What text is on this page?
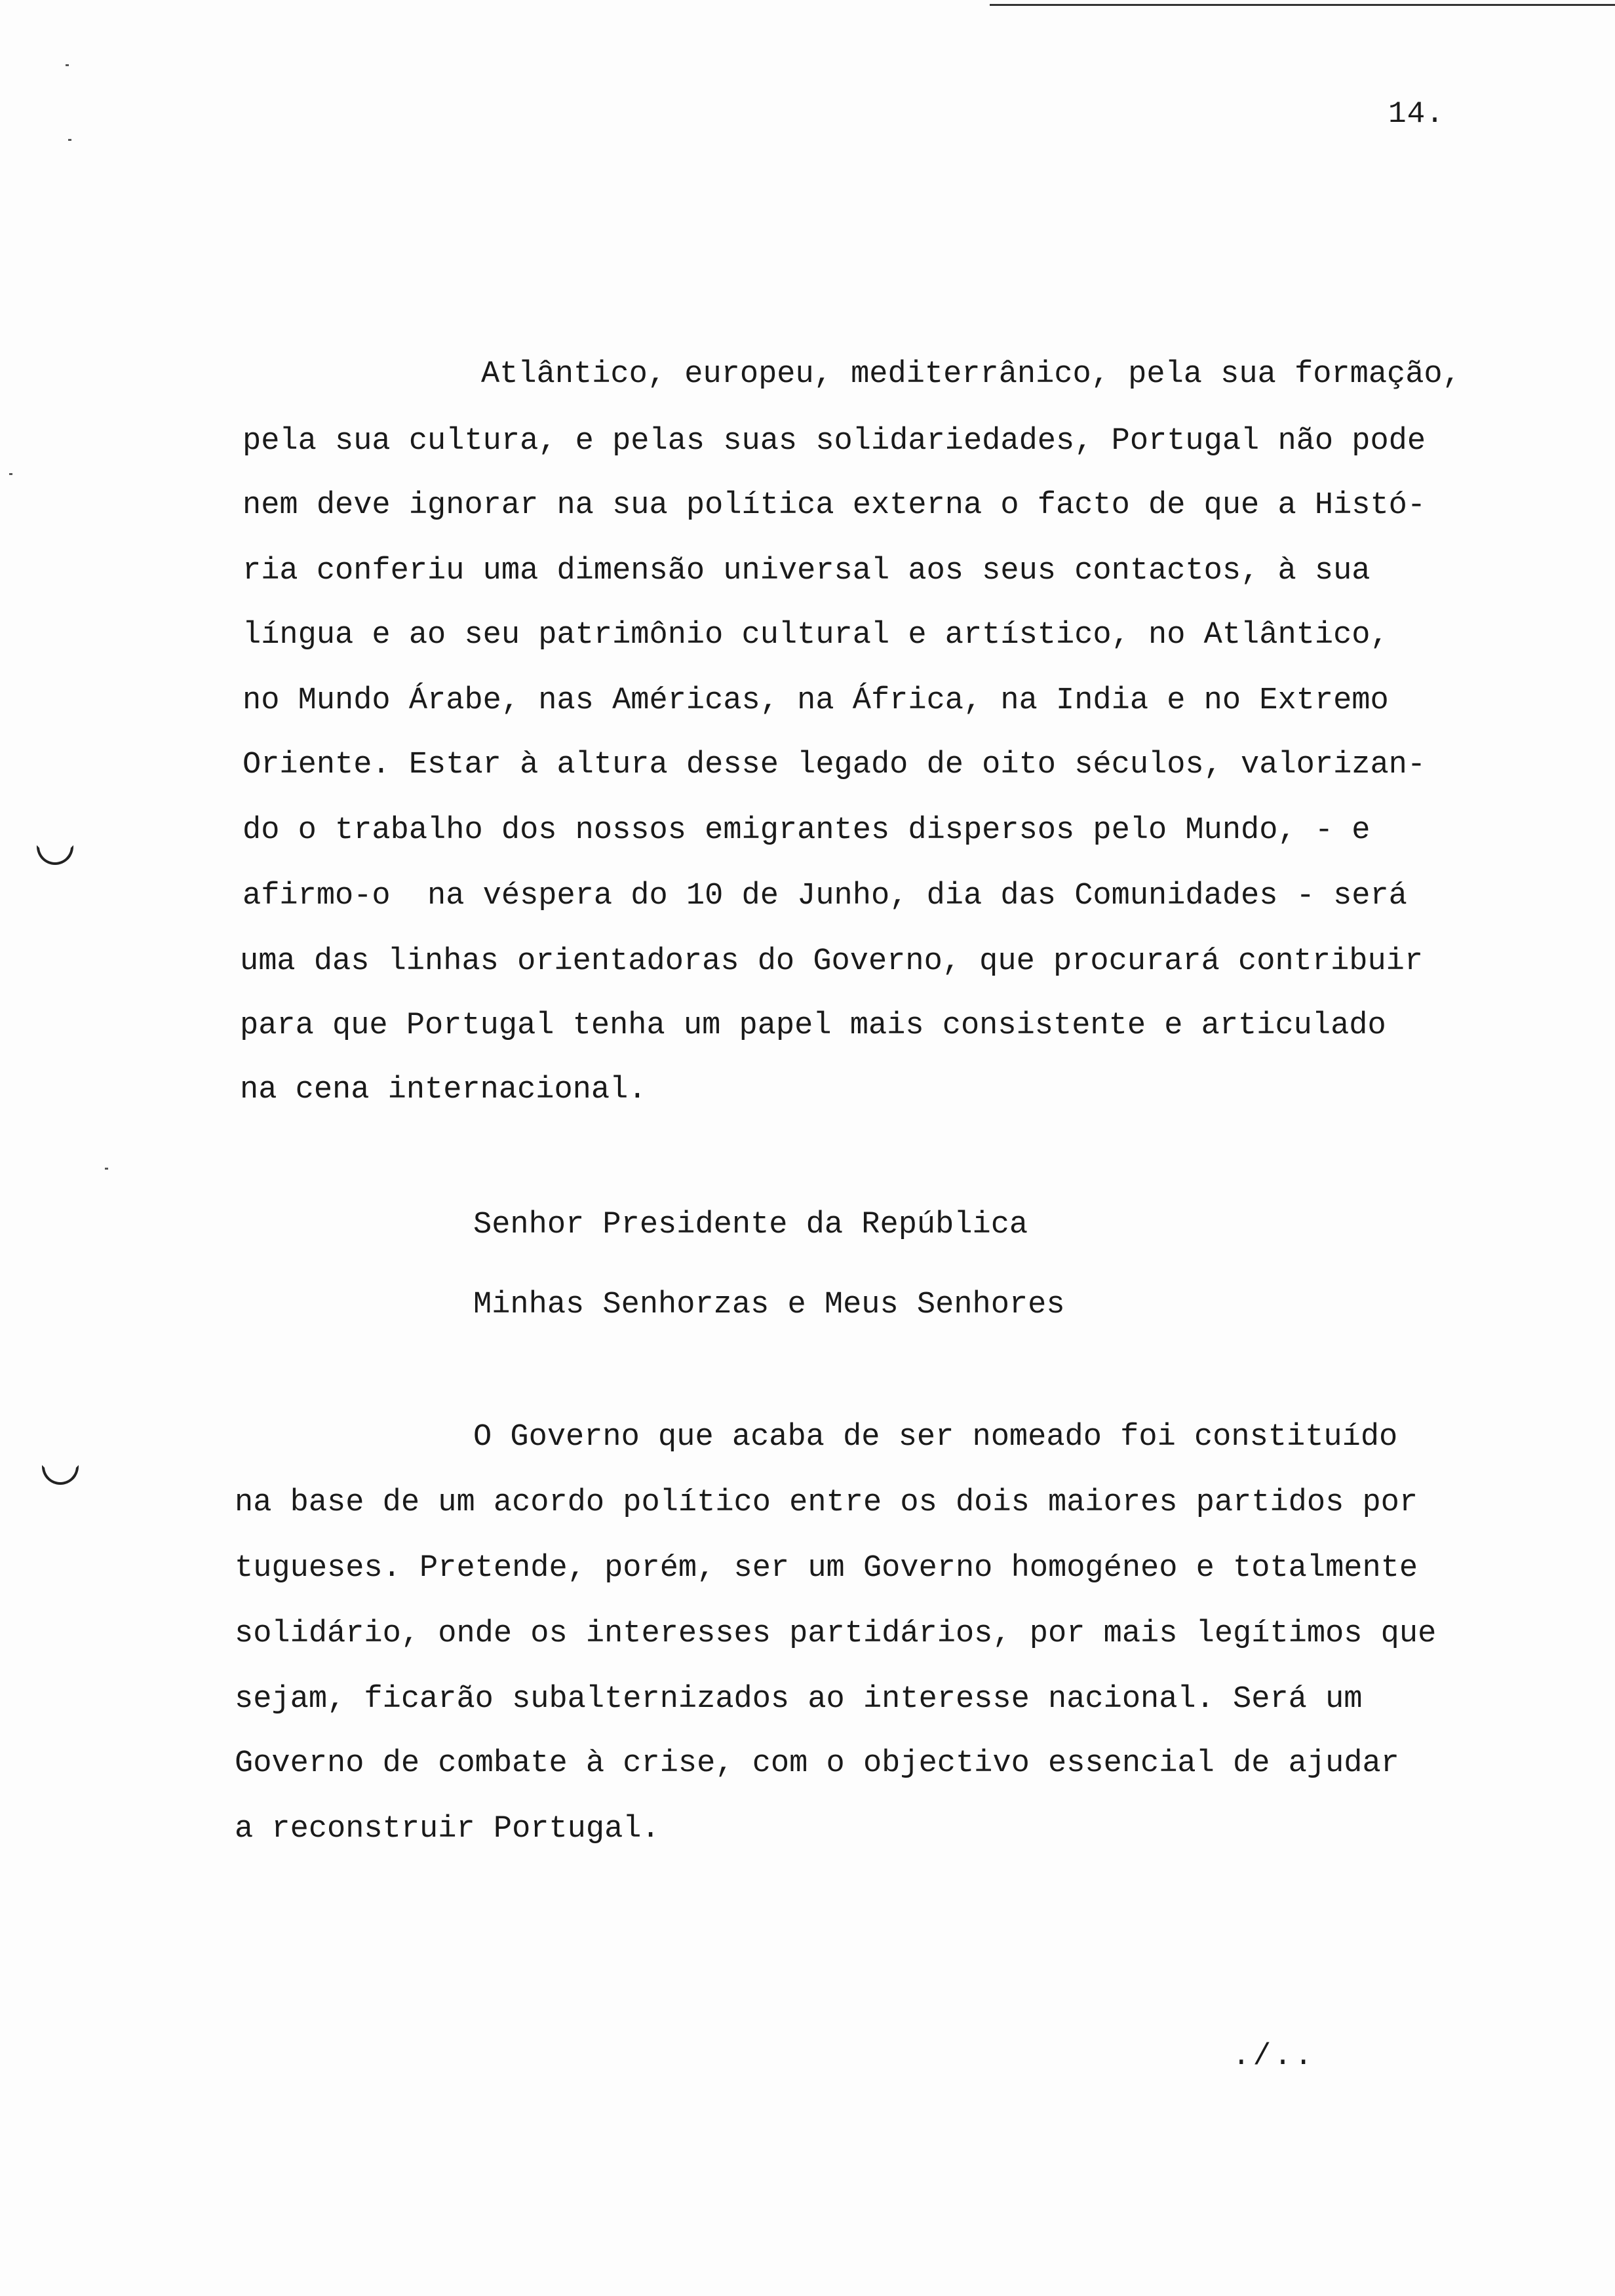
14.
Atlântico, europeu, mediterrânico, pela sua formação,
pela sua cultura, e pelas suas solidariedades, Portugal não pode
nem deve ignorar na sua política externa o facto de que a Histó-
ria conferiu uma dimensão universal aos seus contactos, à sua
língua e ao seu patrimônio cultural e artístico, no Atlântico,
no Mundo Árabe, nas Américas, na África, na India e no Extremo
Oriente. Estar à altura desse legado de oito séculos, valorizan-
do o trabalho dos nossos emigrantes dispersos pelo Mundo, - e
afirmo-o  na véspera do 10 de Junho, dia das Comunidades - será
uma das linhas orientadoras do Governo, que procurará contribuir
para que Portugal tenha um papel mais consistente e articulado
na cena internacional.
Senhor Presidente da República
Minhas Senhorzas e Meus Senhores
O Governo que acaba de ser nomeado foi constituído
na base de um acordo político entre os dois maiores partidos por
tugueses. Pretende, porém, ser um Governo homogéneo e totalmente
solidário, onde os interesses partidários, por mais legítimos que
sejam, ficarão subalternizados ao interesse nacional. Será um
Governo de combate à crise, com o objectivo essencial de ajudar
a reconstruir Portugal.
./..
